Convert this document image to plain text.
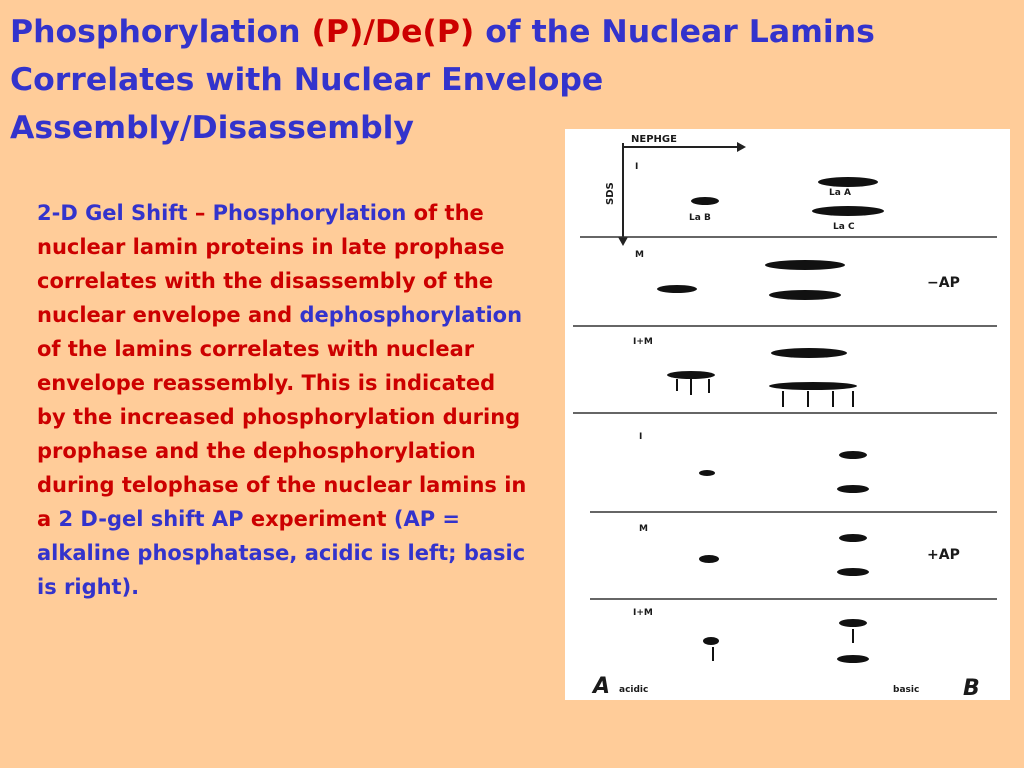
Phosphorylation (P)/De(P) of the Nuclear Lamins Correlates with Nuclear Envelope Assembly/Disassembly

2-D Gel Shift – Phosphorylation of the nuclear lamin proteins in late prophase correlates with the disassembly of the nuclear envelope and dephosphorylation of the lamins correlates with nuclear envelope reassembly. This is indicated by the increased phosphorylation during prophase and the dephosphorylation during telophase of the nuclear lamins in a 2 D-gel shift AP experiment (AP = alkaline phosphatase, acidic is left; basic is right).

NEPHGE
SDS
I
M
I+M
I
M
I+M
La B
La A
La C
−AP
+AP
A acidic	basic B
